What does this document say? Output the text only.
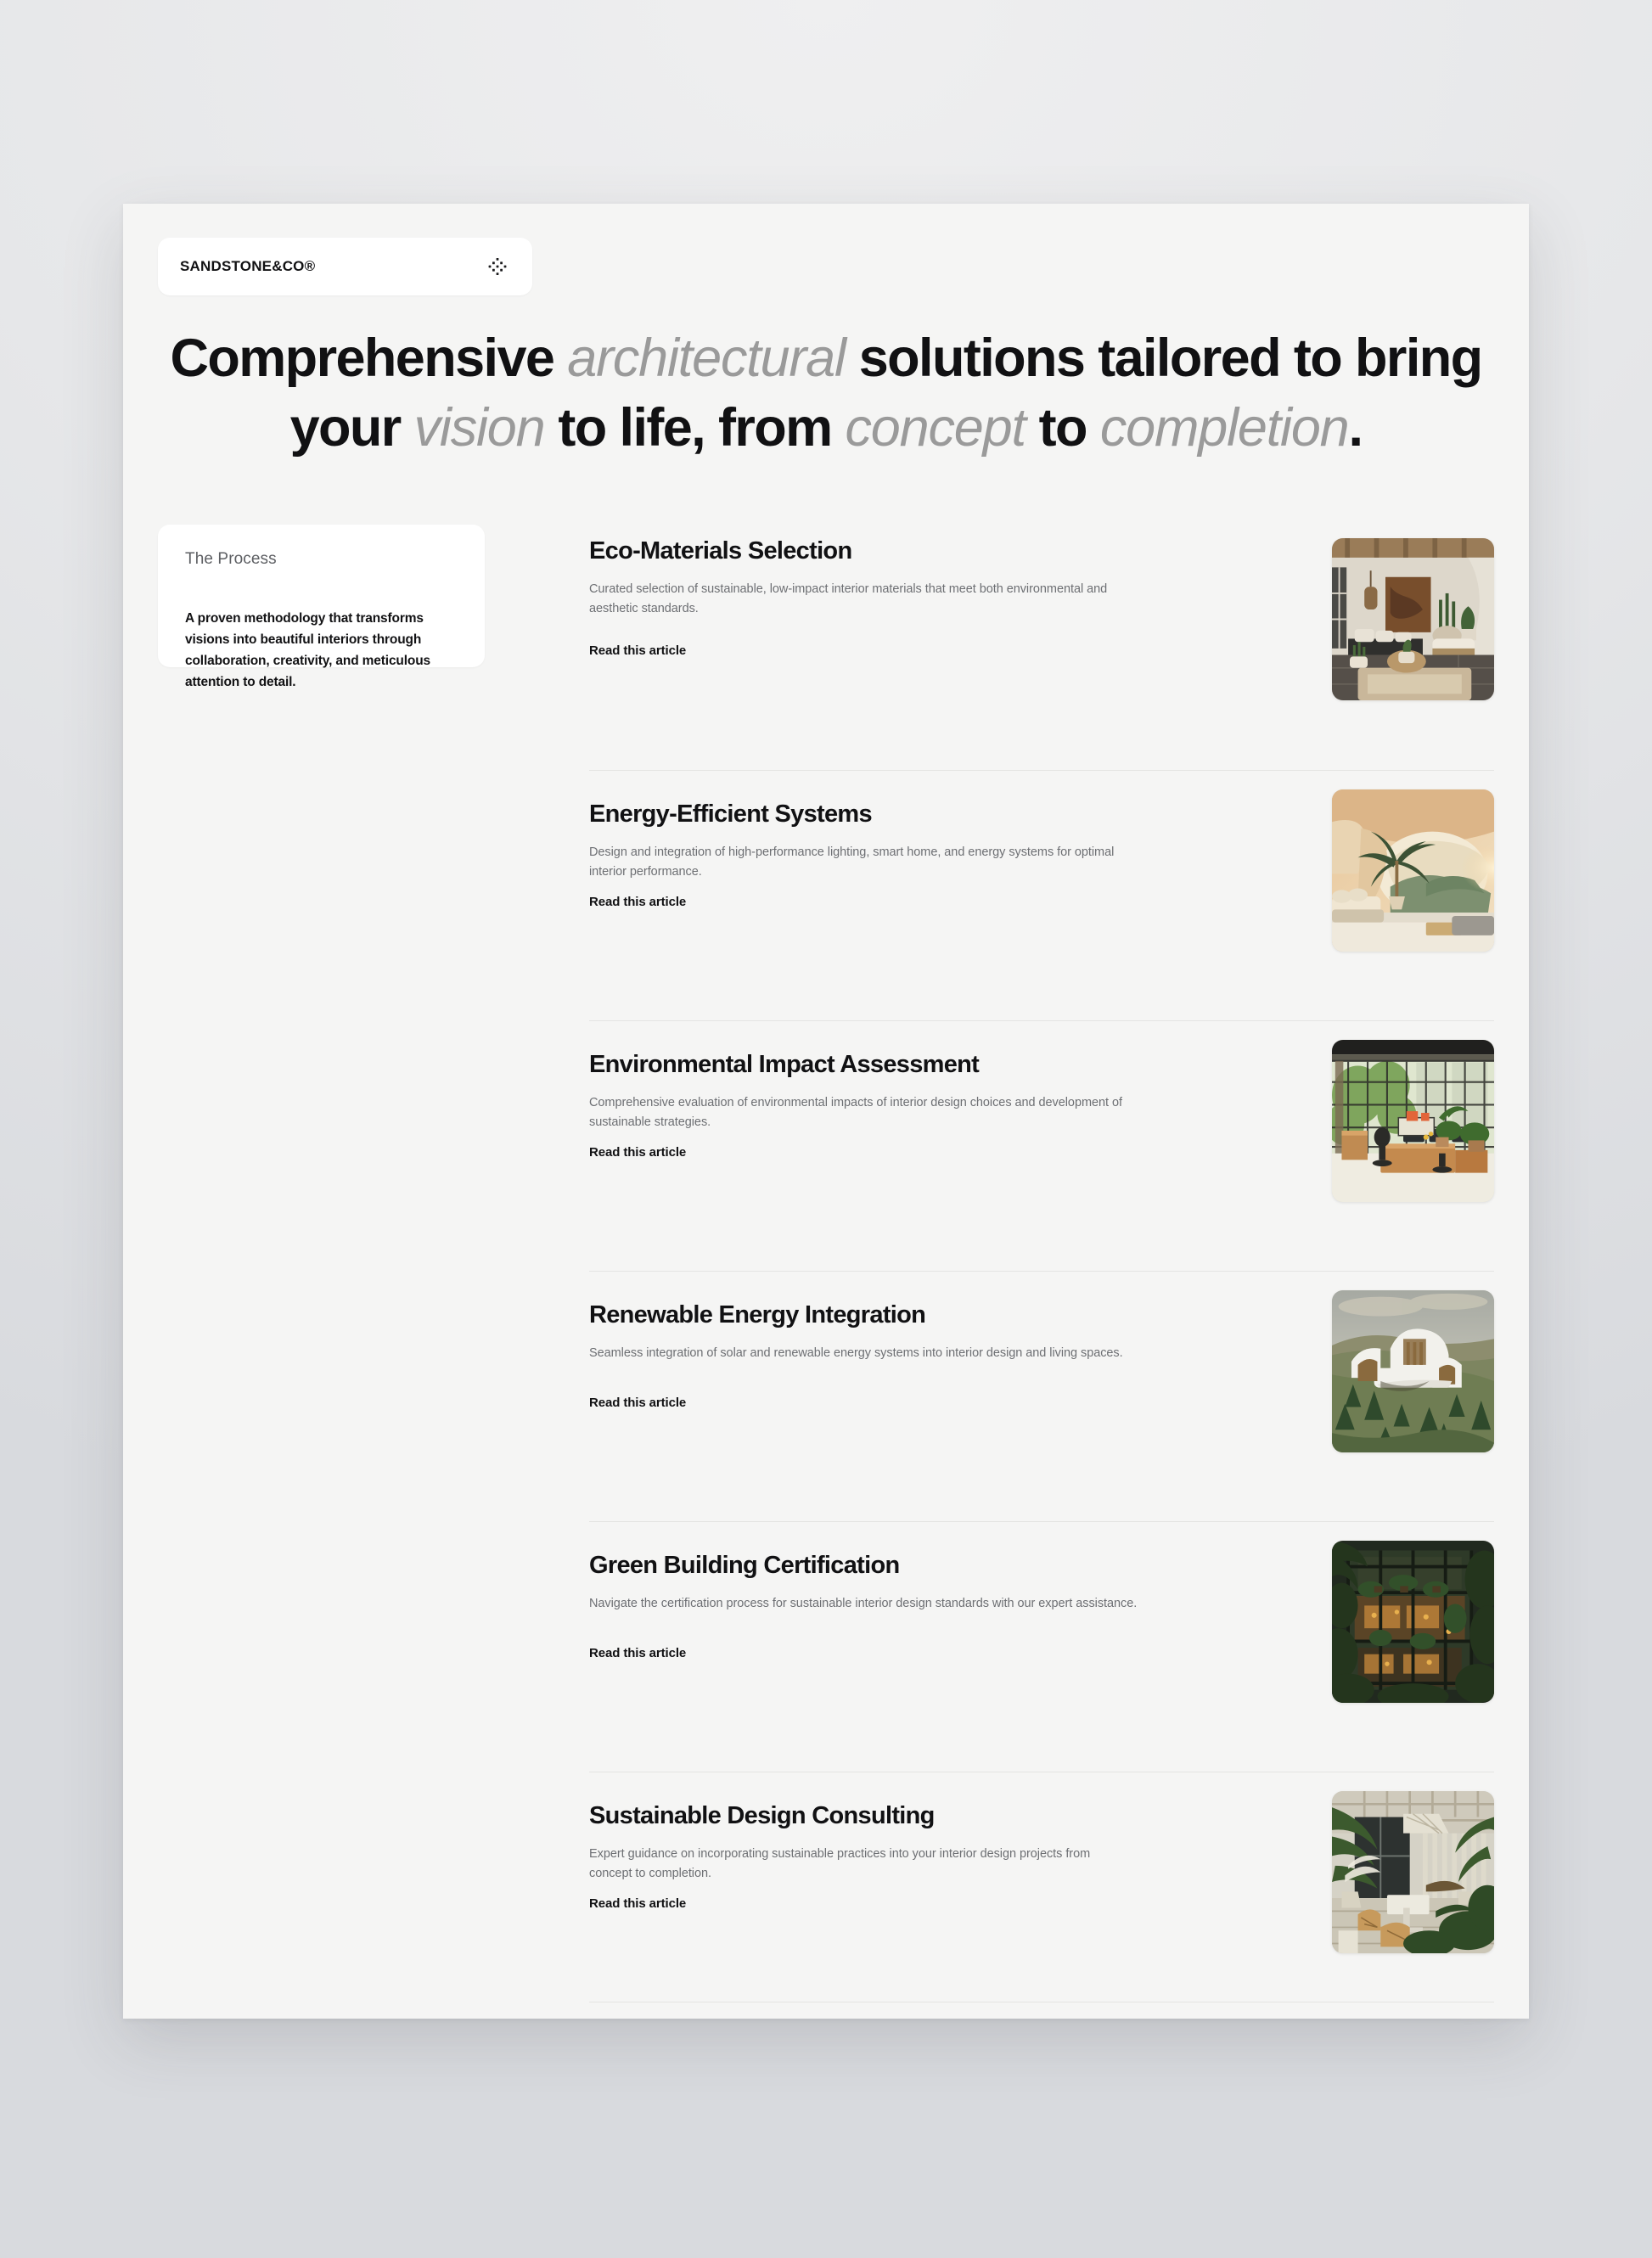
SANDSTONE&CO®
Comprehensive architectural solutions tailored to bring your vision to life, from concept to completion.
The Process
A proven methodology that transforms visions into beautiful interiors through collaboration, creativity, and meticulous attention to detail.
Eco-Materials Selection
Curated selection of sustainable, low-impact interior materials that meet both environmental and aesthetic standards.
Read this article
Energy-Efficient Systems
Design and integration of high-performance lighting, smart home, and energy systems for optimal interior performance.
Read this article
Environmental Impact Assessment
Comprehensive evaluation of environmental impacts of interior design choices and development of sustainable strategies.
Read this article
Renewable Energy Integration
Seamless integration of solar and renewable energy systems into interior design and living spaces.
Read this article
Green Building Certification
Navigate the certification process for sustainable interior design standards with our expert assistance.
Read this article
Sustainable Design Consulting
Expert guidance on incorporating sustainable practices into your interior design projects from concept to completion.
Read this article
